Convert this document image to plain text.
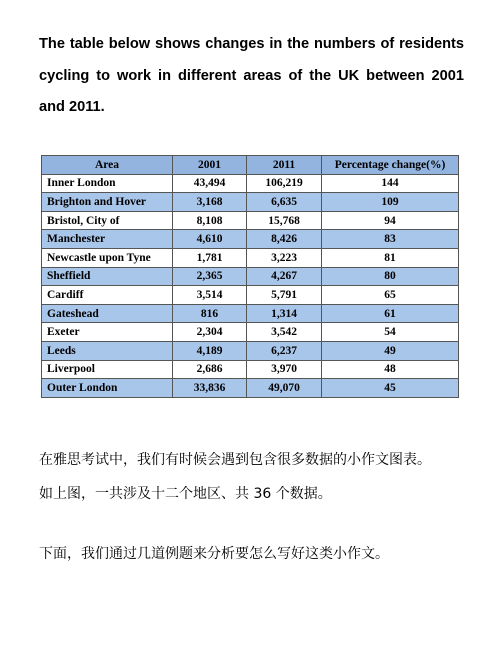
The table below shows changes in the numbers of residents cycling to work in different areas of the UK between 2001 and 2011.

Area	2001	2011	Percentage change(%)
Inner London	43,494	106,219	144
Brighton and Hover	3,168	6,635	109
Bristol, City of	8,108	15,768	94
Manchester	4,610	8,426	83
Newcastle upon Tyne	1,781	3,223	81
Sheffield	2,365	4,267	80
Cardiff	3,514	5,791	65
Gateshead	816	1,314	61
Exeter	2,304	3,542	54
Leeds	4,189	6,237	49
Liverpool	2,686	3,970	48
Outer London	33,836	49,070	45

在雅思考试中，我们有时候会遇到包含很多数据的小作文图表。

如上图，一共涉及十二个地区、共 36 个数据。

下面，我们通过几道例题来分析要怎么写好这类小作文。
